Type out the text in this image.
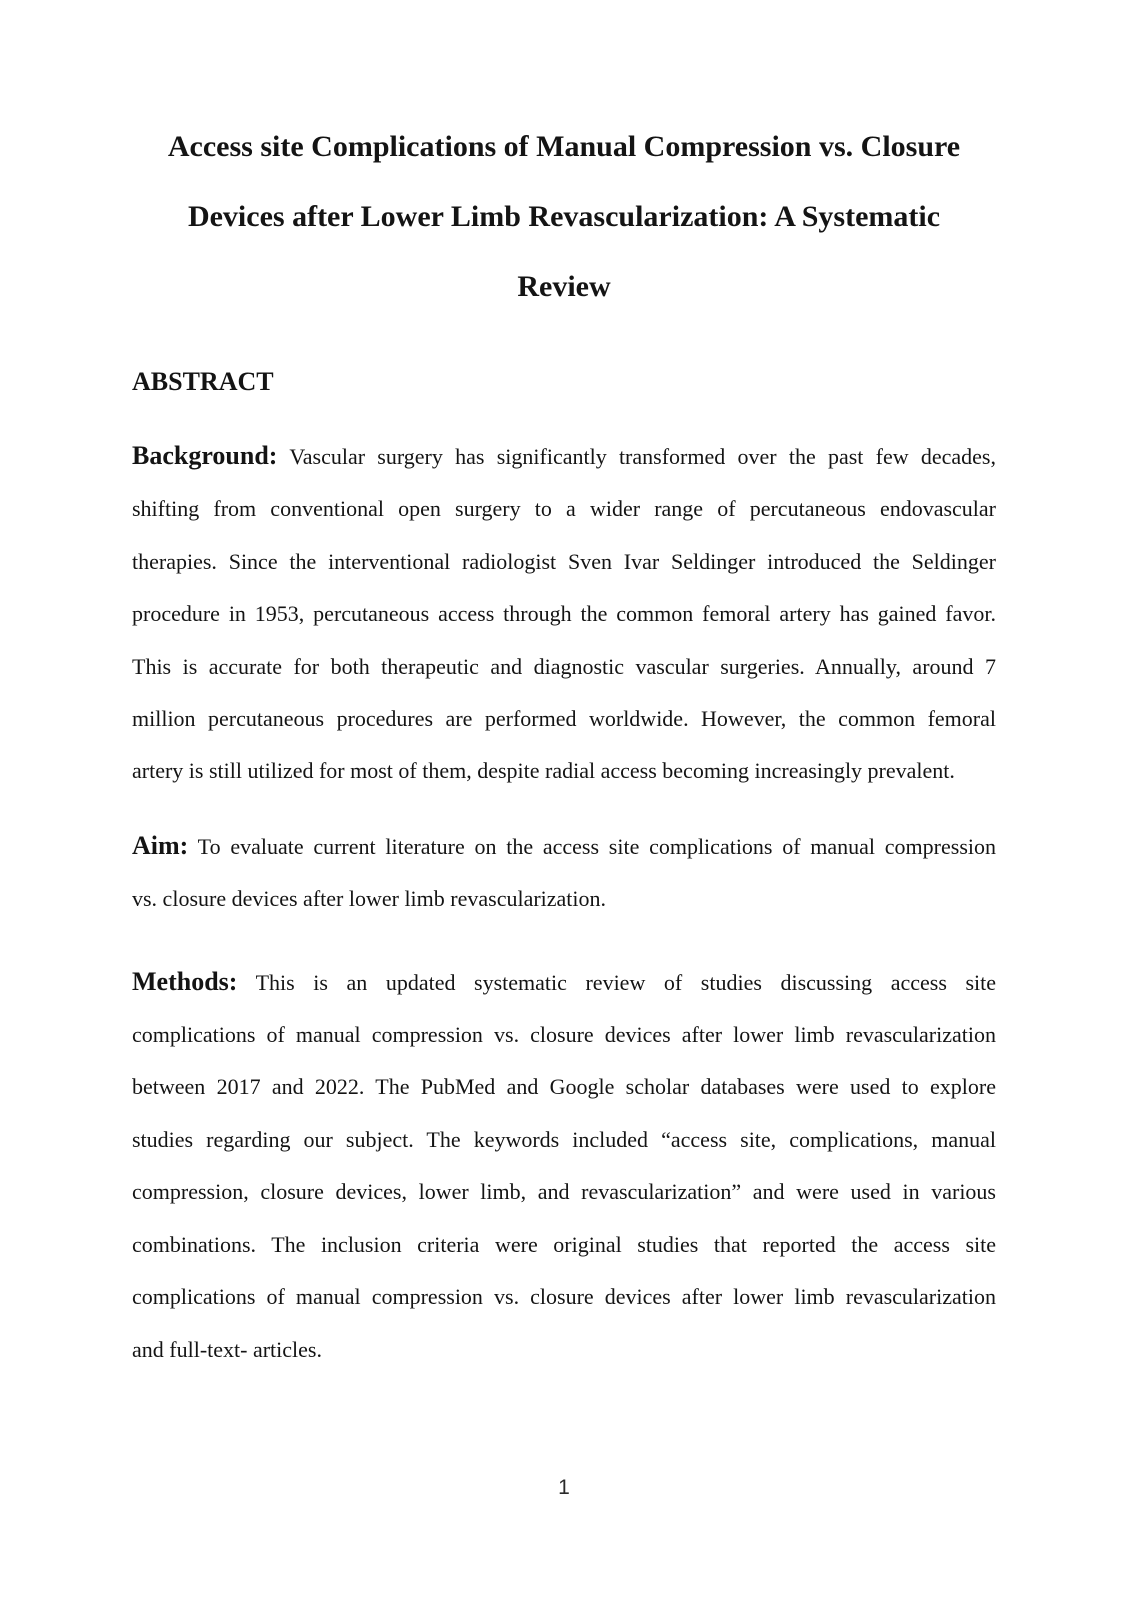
Access site Complications of Manual Compression vs. Closure
Devices after Lower Limb Revascularization: A Systematic
Review
ABSTRACT
Background: Vascular surgery has significantly transformed over the past few decades,
shifting from conventional open surgery to a wider range of percutaneous endovascular
therapies. Since the interventional radiologist Sven Ivar Seldinger introduced the Seldinger
procedure in 1953, percutaneous access through the common femoral artery has gained favor.
This is accurate for both therapeutic and diagnostic vascular surgeries. Annually, around 7
million percutaneous procedures are performed worldwide. However, the common femoral
artery is still utilized for most of them, despite radial access becoming increasingly prevalent.
Aim: To evaluate current literature on the access site complications of manual compression
vs. closure devices after lower limb revascularization.
Methods: This is an updated systematic review of studies discussing access site
complications of manual compression vs. closure devices after lower limb revascularization
between 2017 and 2022. The PubMed and Google scholar databases were used to explore
studies regarding our subject. The keywords included “access site, complications, manual
compression, closure devices, lower limb, and revascularization” and were used in various
combinations. The inclusion criteria were original studies that reported the access site
complications of manual compression vs. closure devices after lower limb revascularization
and full-text- articles.
1
